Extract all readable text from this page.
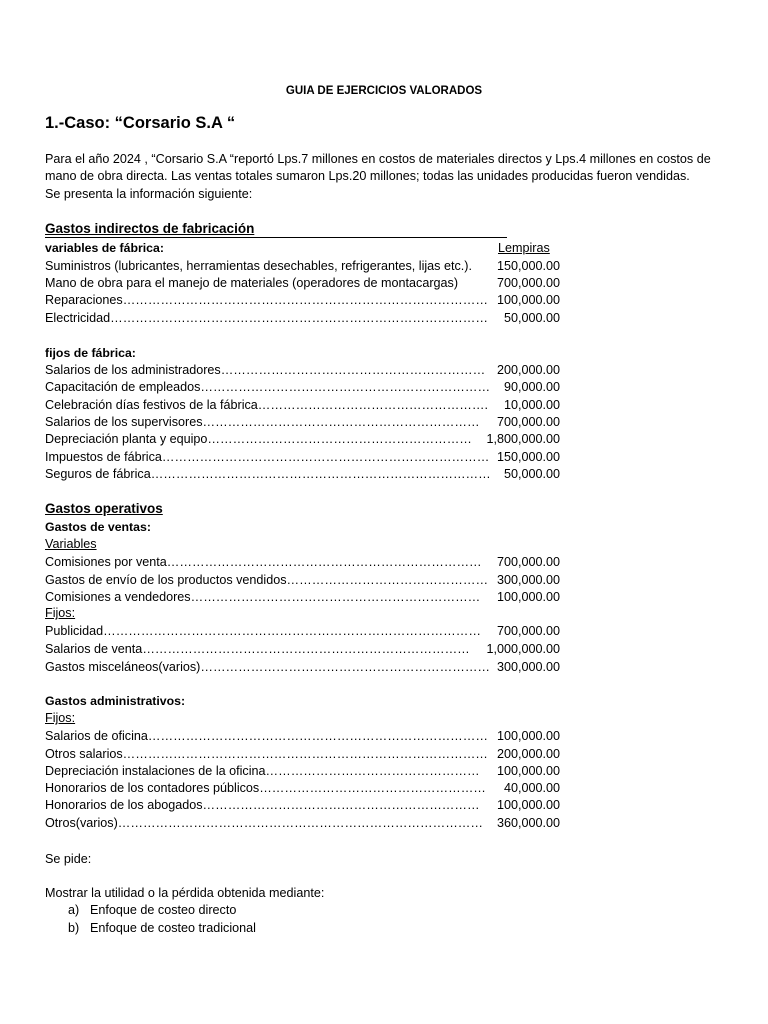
GUIA DE EJERCICIOS VALORADOS
1.-Caso: “Corsario S.A “

Para el año 2024 , “Corsario S.A “reportó Lps.7 millones en costos de materiales directos y Lps.4 millones en costos de

mano de obra directa. Las ventas totales sumaron Lps.20 millones; todas las unidades producidas fueron vendidas.

Se presenta la información siguiente:

Gastos indirectos de fabricación
variables de fábrica:	Lempiras
Suministros (lubricantes, herramientas desechables, refrigerantes, lijas etc.). 150,000.00
Mano de obra para el manejo de materiales (operadores de montacargas)	700,000.00
Reparaciones…………………………………………………………………………… 100,000.00
Electricidad……………………………………………………………………………… 50,000.00
fijos de fábrica:
Salarios de los administradores……………………………………………………… 200,000.00
Capacitación de empleados…………………………………………………………… 90,000.00
Celebración días festivos de la fábrica………………………………………………. 10,000.00
Salarios de los supervisores………………………………………………………… 700,000.00
Depreciación planta y equipo……………………………………………………… 1,800,000.00
Impuestos de fábrica…………………………………………………………………… 150,000.00
Seguros de fábrica……………………………………………………………………… 50,000.00
Gastos operativos
Gastos de ventas:
Variables
Comisiones por venta………………………………………………………………… 700,000.00
Gastos de envío de los productos vendidos………………………………………… 300,000.00
Comisiones a vendedores…………………………………………………………… 100,000.00
Fijos:
Publicidad……………………………………………………………………………… 700,000.00
Salarios de venta…………………………………………………………………… 1,000,000.00
Gastos misceláneos(varios)…………………………………………………………… 300,000.00
Gastos administrativos:
Fijos:
Salarios de oficina……………………………………………………………………… 100,000.00
Otros salarios…………………………………………………………………………… 200,000.00
Depreciación instalaciones de la oficina…………………………………………… 100,000.00
Honorarios de los contadores públicos……………………………………………… 40,000.00
Honorarios de los abogados………………………………………………………… 100,000.00
Otros(varios)…………………………………………………………………………… 360,000.00
Se pide:
Mostrar la utilidad o la pérdida obtenida mediante:
a) Enfoque de costeo directo
b) Enfoque de costeo tradicional
